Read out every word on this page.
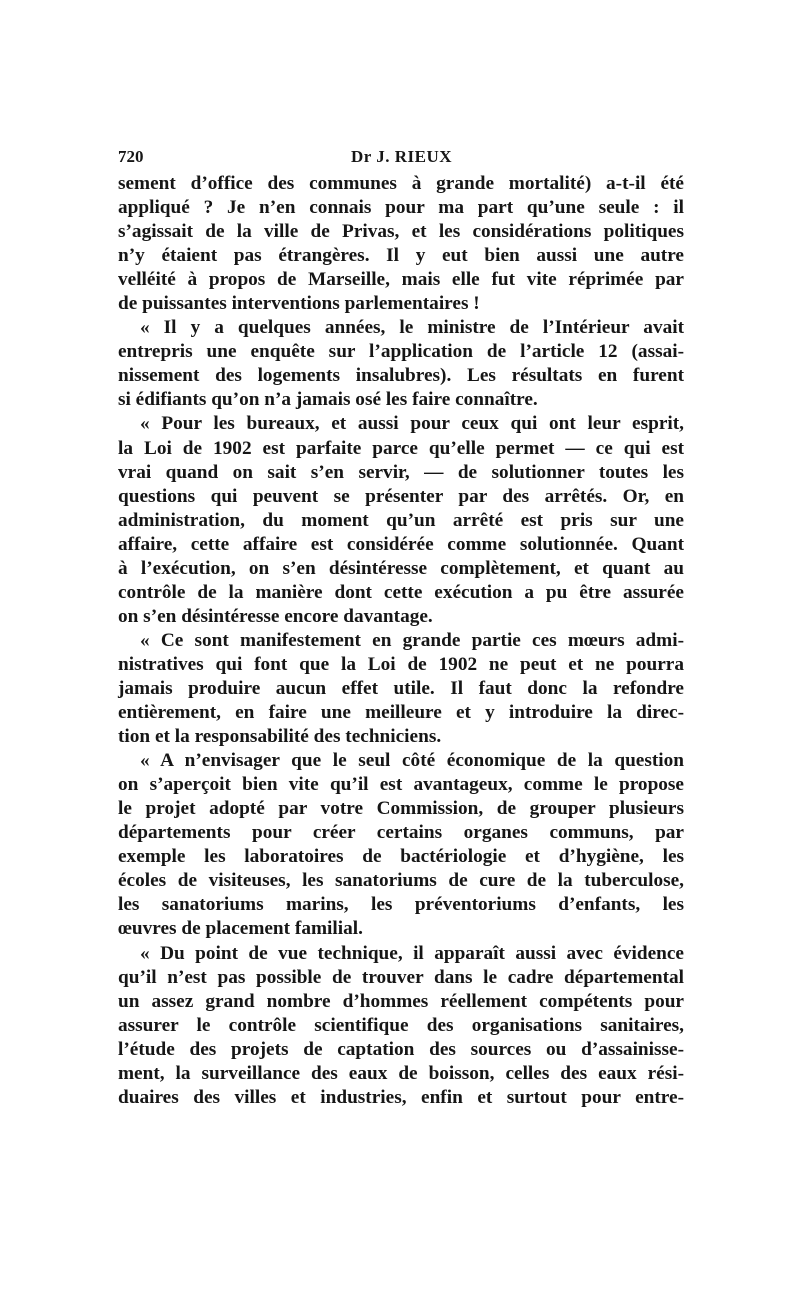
720	Dr J. RIEUX
sement d’office des communes à grande mortalité) a-t-il été
appliqué ? Je n’en connais pour ma part qu’une seule : il
s’agissait de la ville de Privas, et les considérations politiques
n’y étaient pas étrangères. Il y eut bien aussi une autre
velléité à propos de Marseille, mais elle fut vite réprimée par
de puissantes interventions parlementaires !
« Il y a quelques années, le ministre de l’Intérieur avait
entrepris une enquête sur l’application de l’article 12 (assai-
nissement des logements insalubres). Les résultats en furent
si édifiants qu’on n’a jamais osé les faire connaître.
« Pour les bureaux, et aussi pour ceux qui ont leur esprit,
la Loi de 1902 est parfaite parce qu’elle permet — ce qui est
vrai quand on sait s’en servir, — de solutionner toutes les
questions qui peuvent se présenter par des arrêtés. Or, en
administration, du moment qu’un arrêté est pris sur une
affaire, cette affaire est considérée comme solutionnée. Quant
à l’exécution, on s’en désintéresse complètement, et quant au
contrôle de la manière dont cette exécution a pu être assurée
on s’en désintéresse encore davantage.
« Ce sont manifestement en grande partie ces mœurs admi-
nistratives qui font que la Loi de 1902 ne peut et ne pourra
jamais produire aucun effet utile. Il faut donc la refondre
entièrement, en faire une meilleure et y introduire la direc-
tion et la responsabilité des techniciens.
« A n’envisager que le seul côté économique de la question
on s’aperçoit bien vite qu’il est avantageux, comme le propose
le projet adopté par votre Commission, de grouper plusieurs
départements pour créer certains organes communs, par
exemple les laboratoires de bactériologie et d’hygiène, les
écoles de visiteuses, les sanatoriums de cure de la tuberculose,
les sanatoriums marins, les préventoriums d’enfants, les
œuvres de placement familial.
« Du point de vue technique, il apparaît aussi avec évidence
qu’il n’est pas possible de trouver dans le cadre départemental
un assez grand nombre d’hommes réellement compétents pour
assurer le contrôle scientifique des organisations sanitaires,
l’étude des projets de captation des sources ou d’assainisse-
ment, la surveillance des eaux de boisson, celles des eaux rési-
duaires des villes et industries, enfin et surtout pour entre-
